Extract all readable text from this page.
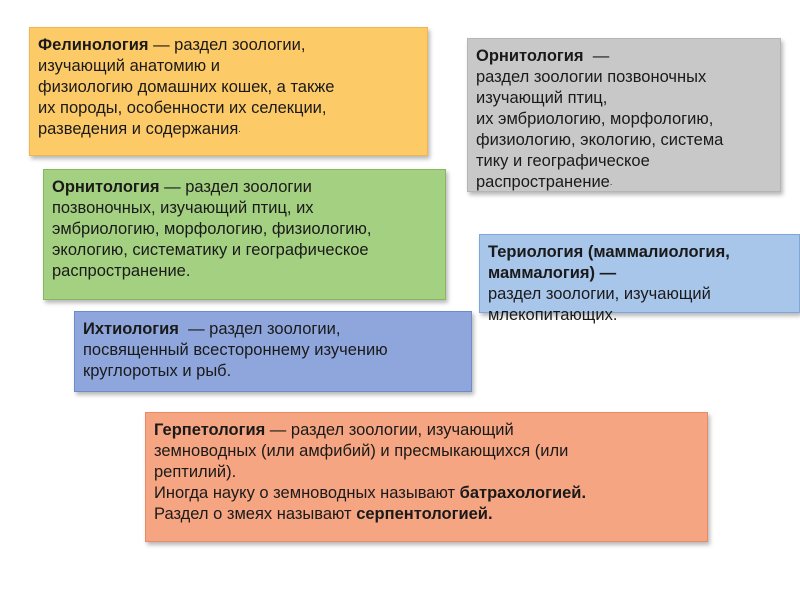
Фелинология — раздел зоологии,
изучающий анатомию и
физиологию домашних кошек, а также
их породы, особенности их селекции,
разведения и содержания.
Орнитология  —
раздел зоологии позвоночных
изучающий птиц,
их эмбриологию, морфологию,
физиологию, экологию, система
тику и географическое
распространение.
Орнитология — раздел зоологии
позвоночных, изучающий птиц, их
эмбриологию, морфологию, физиологию,
экологию, систематику и географическое
распространение.
Териология (маммалиология,
маммалогия) —
раздел зоологии, изучающий
млекопитающих.
Ихтиология  — раздел зоологии,
посвященный всестороннему изучению
круглоротых и рыб.
Герпетология — раздел зоологии, изучающий
земноводных (или амфибий) и пресмыкающихся (или
рептилий).
Иногда науку о земноводных называют батрахологией.
Раздел о змеях называют серпентологией.
